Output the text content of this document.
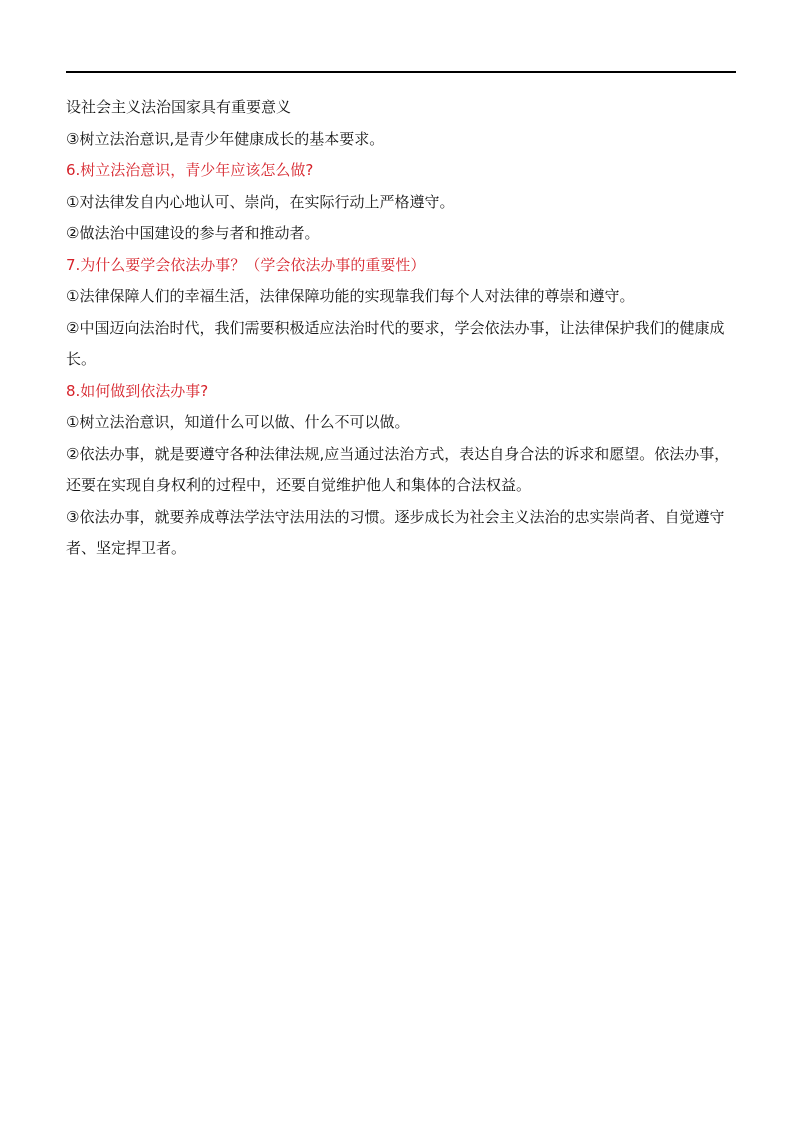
设社会主义法治国家具有重要意义

③树立法治意识,是青少年健康成长的基本要求。

6.树立法治意识，青少年应该怎么做?

①对法律发自内心地认可、崇尚，在实际行动上严格遵守。

②做法治中国建设的参与者和推动者。

7.为什么要学会依法办事？（学会依法办事的重要性）

①法律保障人们的幸福生活，法律保障功能的实现靠我们每个人对法律的尊崇和遵守。

②中国迈向法治时代，我们需要积极适应法治时代的要求，学会依法办事，让法律保护我们的健康成长。

8.如何做到依法办事?

①树立法治意识，知道什么可以做、什么不可以做。

②依法办事，就是要遵守各种法律法规,应当通过法治方式，表达自身合法的诉求和愿望。依法办事，还要在实现自身权利的过程中，还要自觉维护他人和集体的合法权益。

③依法办事，就要养成尊法学法守法用法的习惯。逐步成长为社会主义法治的忠实崇尚者、自觉遵守者、坚定捍卫者。
